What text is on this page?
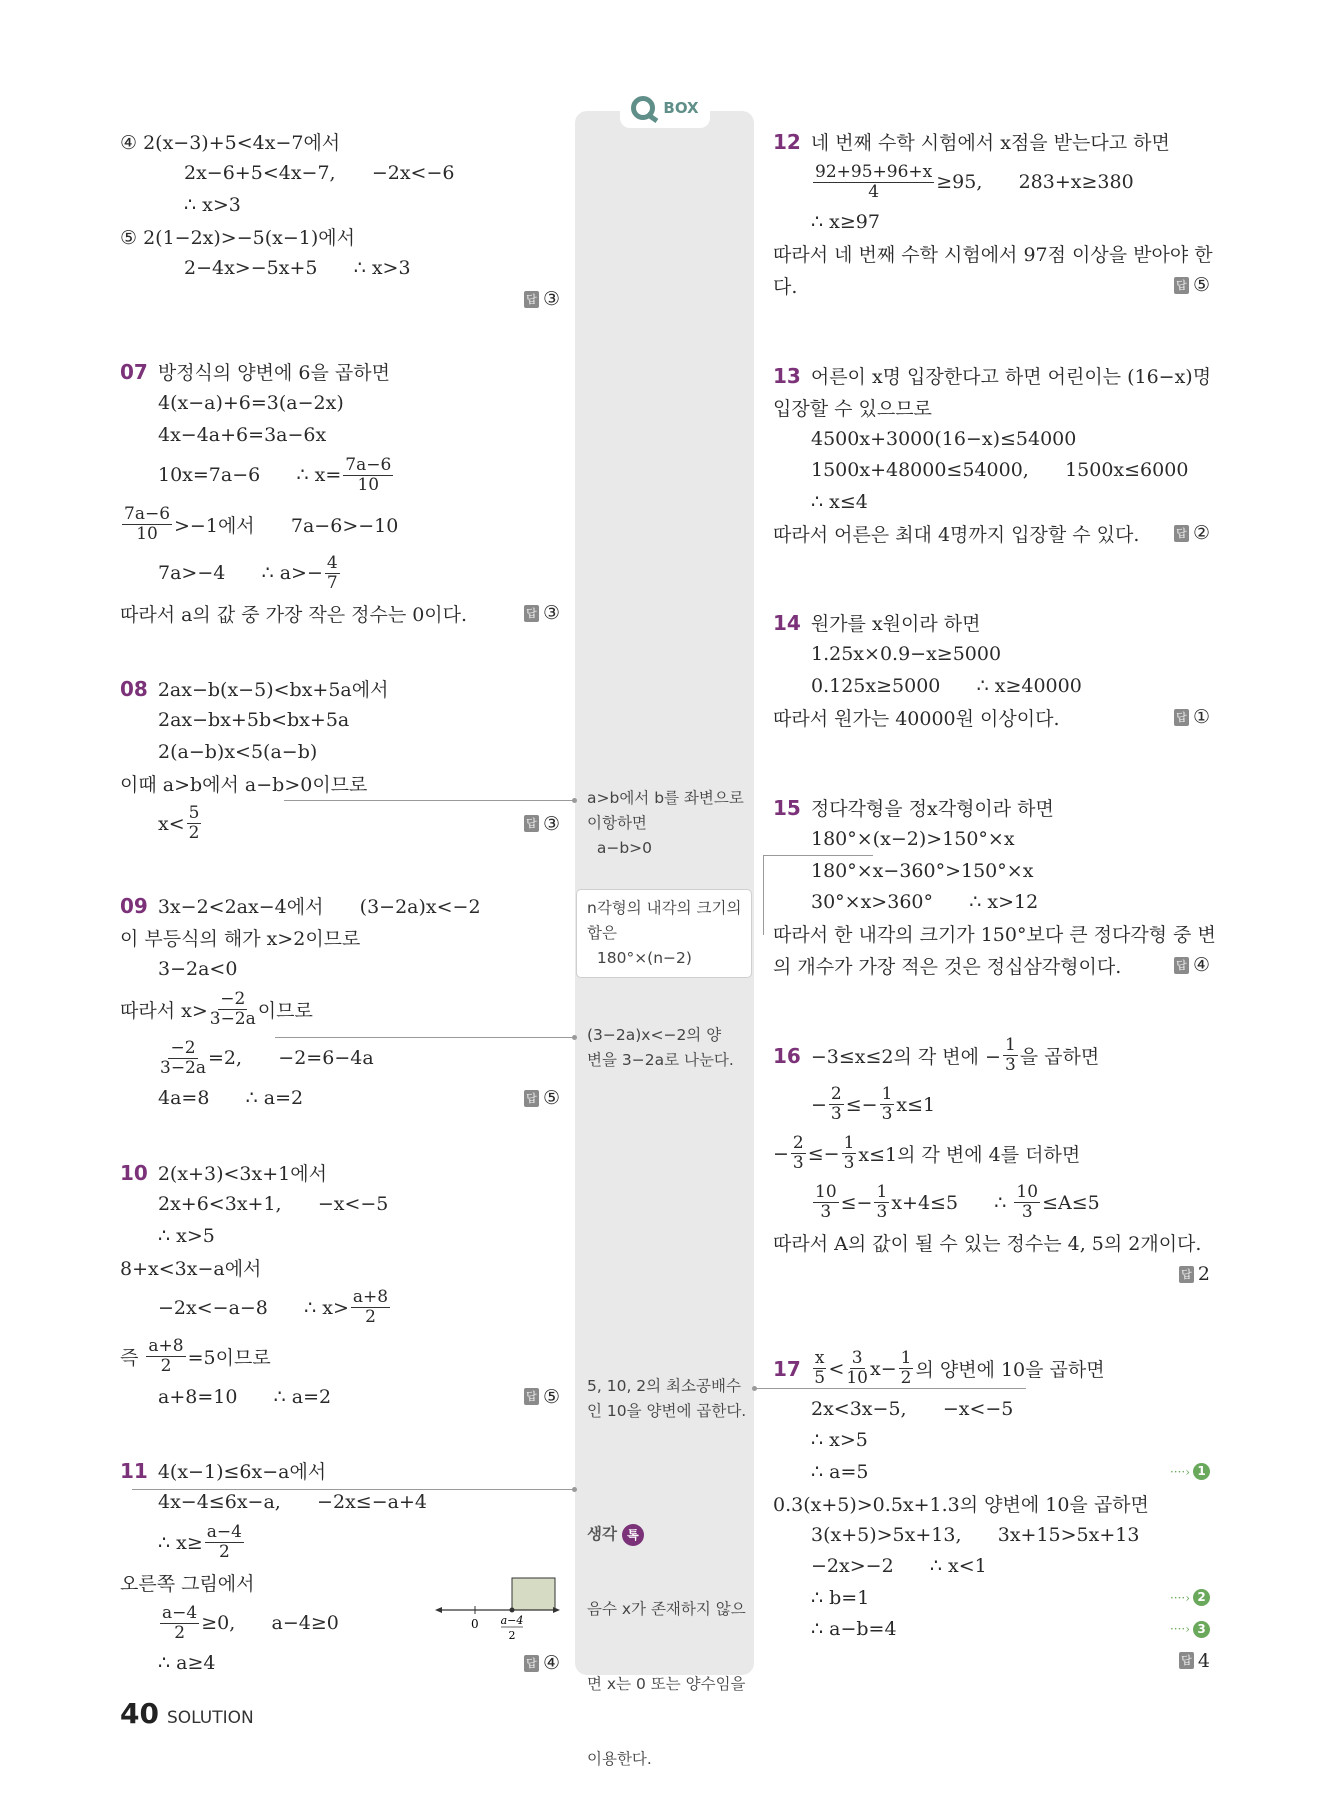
BOX
④ 2(x−3)+5<4x−7에서
2x−6+5<4x−7,      −2x<−6
∴ x>3
⑤ 2(1−2x)>−5(x−1)에서
2−4x>−5x+5      ∴ x>3
답 ③
07 방정식의 양변에 6을 곱하면
4(x−a)+6=3(a−2x)
4x−4a+6=3a−6x
10x=7a−6      ∴ $x= \frac{7a-6}{10}$
$\frac{7a-6}{10} >-1$에서      7a−6>−10
7a>−4      ∴ $a>- \frac{4}{7}$
따라서 a의 값 중 가장 작은 정수는 0이다.	답 ③
08 2ax−b(x−5)<bx+5a에서
2ax−bx+5b<bx+5a
2(a−b)x<5(a−b)
이때 a>b에서 a−b>0이므로
$x< \frac{5}{2}$	답 ③
09 3x−2<2ax−4에서      (3−2a)x<−2
이 부등식의 해가 x>2이므로
3−2a<0
따라서 $x> \frac{-2}{3-2a}$ 이므로
$\frac{-2}{3-2a} =2$,      −2=6−4a
4a=8      ∴ a=2	답 ⑤
10 2(x+3)<3x+1에서
2x+6<3x+1,      −x<−5
∴ x>5
8+x<3x−a에서
−2x<−a−8      ∴ $x> \frac{a+8}{2}$
즉 $\frac{a+8}{2} =5$이므로
a+8=10      ∴ a=2	답 ⑤
11 4(x−1)≤6x−a에서
4x−4≤6x−a,      −2x≤−a+4
∴ $x\ge \frac{a-4}{2}$
오른쪽 그림에서
$\frac{a-4}{2} \ge 0$,      a−4≥0
∴ a≥4	답 ④
12 네 번째 수학 시험에서 x점을 받는다고 하면
$\frac{92+95+96+x}{4} \ge 95$,      283+x≥380
∴ x≥97
따라서 네 번째 수학 시험에서 97점 이상을 받아야 한
다.	답 ⑤
13 어른이 x명 입장한다고 하면 어린이는 (16−x)명
입장할 수 있으므로
4500x+3000(16−x)≤54000
1500x+48000≤54000,      1500x≤6000
∴ x≤4
따라서 어른은 최대 4명까지 입장할 수 있다.	답 ②
14 원가를 x원이라 하면
1.25x×0.9−x≥5000
0.125x≥5000      ∴ x≥40000
따라서 원가는 40000원 이상이다.	답 ①
15 정다각형을 정x각형이라 하면
180°×(x−2)>150°×x
180°×x−360°>150°×x
30°×x>360°      ∴ x>12
따라서 한 내각의 크기가 150°보다 큰 정다각형 중 변
의 개수가 가장 적은 것은 정십삼각형이다.	답 ④
16 −3≤x≤2의 각 변에 − $\frac{1}{3}$ 을 곱하면
− $\frac{2}{3} \le- \frac{1}{3} x\le 1$
− $\frac{2}{3} \le- \frac{1}{3} x\le 1$의 각 변에 4를 더하면
$\frac{10}{3} \le- \frac{1}{3} x+4\le 5$      ∴ $\frac{10}{3} \le A\le 5$
따라서 A의 값이 될 수 있는 정수는 4, 5의 2개이다.
답 2
$17 \frac{x}{5} < \frac{3}{10} x- \frac{1}{2}$ 의 양변에 10을 곱하면
2x<3x−5,      −x<−5
∴ x>5
∴ a=5	····› 1
0.3(x+5)>0.5x+1.3의 양변에 10을 곱하면
3(x+5)>5x+13,      3x+15>5x+13
−2x>−2      ∴ x<1
∴ b=1	····› 2
∴ a−b=4	····› 3
답 4
0 a−4
2
a>b에서 b를 좌변으로
이항하면
a−b>0
n각형의 내각의 크기의
합은
180°×(n−2)
(3−2a)x<−2의 양
변을 3−2a로 나눈다.
5, 10, 2의 최소공배수
인 10을 양변에 곱한다.

생각 톡

음수 x가 존재하지 않으

면 x는 0 또는 양수임을

이용한다.

40 SOLUTION
